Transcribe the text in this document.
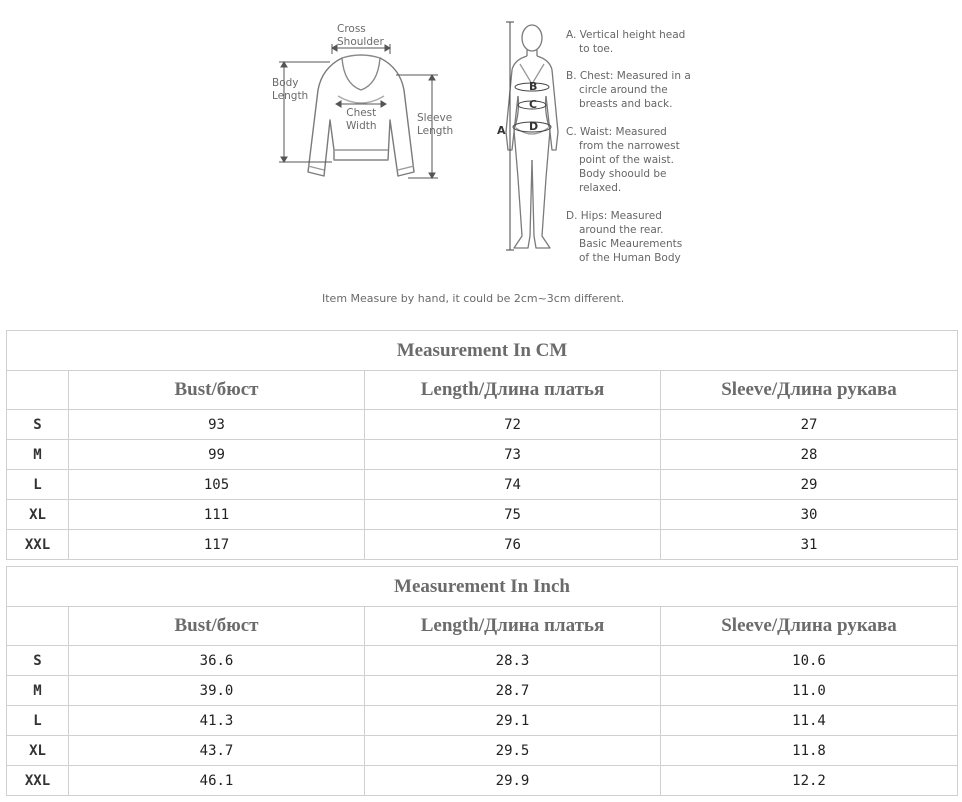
Cross
Shoulder
Body
Length
Chest
Width
Sleeve
Length
B
C
D
A
A. Vertical height head
to toe.
B. Chest: Measured in a
circle around the
breasts and back.
C. Waist: Measured
from the narrowest
point of the waist.
Body shoould be
relaxed.
D. Hips: Measured
around the rear.
Basic Meaurements
of the Human Body
Item Measure by hand, it could be 2cm~3cm different.
Measurement In CM			
	Bust/бюст	Length/Длина платья	Sleeve/Длина рукава
S	93	72	27
M	99	73	28
L	105	74	29
XL	111	75	30
XXL	117	76	31
Measurement In Inch			
	Bust/бюст	Length/Длина платья	Sleeve/Длина рукава
S	36.6	28.3	10.6
M	39.0	28.7	11.0
L	41.3	29.1	11.4
XL	43.7	29.5	11.8
XXL	46.1	29.9	12.2
